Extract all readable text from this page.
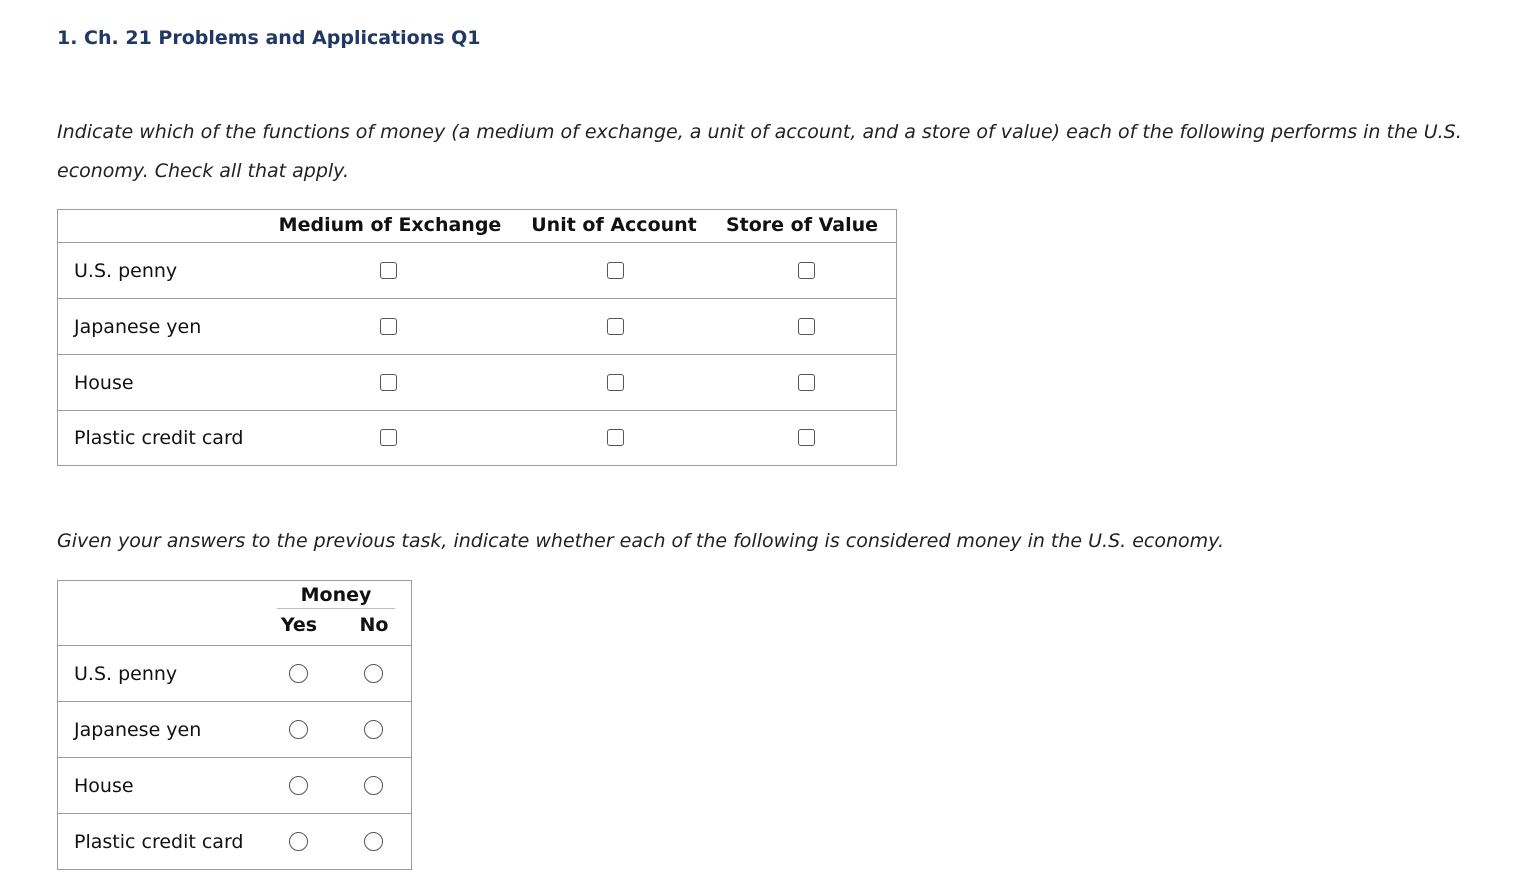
1. Ch. 21 Problems and Applications Q1
Indicate which of the functions of money (a medium of exchange, a unit of account, and a store of value) each of the following performs in the U.S. economy. Check all that apply.
Medium of Exchange	Unit of Account	Store of Value
U.S. penny
Japanese yen
House
Plastic credit card
Given your answers to the previous task, indicate whether each of the following is considered money in the U.S. economy.
Money
Yes	No
U.S. penny
Japanese yen
House
Plastic credit card
